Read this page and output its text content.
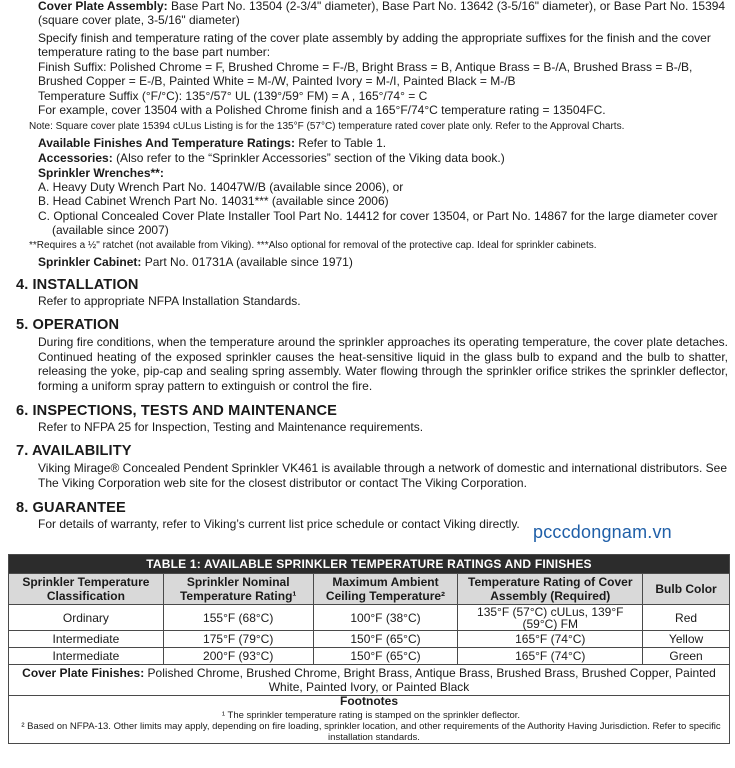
Cover Plate Assembly: Base Part No. 13504 (2-3/4" diameter), Base Part No. 13642 (3-5/16" diameter), or Base Part No. 15394 (square cover plate, 3-5/16" diameter)
Specify finish and temperature rating of the cover plate assembly by adding the appropriate suffixes for the finish and the cover temperature rating to the base part number:
Finish Suffix: Polished Chrome = F, Brushed Chrome = F-/B, Bright Brass = B, Antique Brass = B-/A, Brushed Brass = B-/B, Brushed Copper = E-/B, Painted White = M-/W, Painted Ivory = M-/I, Painted Black = M-/B
Temperature Suffix (°F/°C): 135°/57° UL (139°/59° FM) = A , 165°/74° = C
For example, cover 13504 with a Polished Chrome finish and a 165°F/74°C temperature rating = 13504FC.
Note: Square cover plate 15394 cULus Listing is for the 135°F (57°C) temperature rated cover plate only. Refer to the Approval Charts.
Available Finishes And Temperature Ratings: Refer to Table 1.
Accessories: (Also refer to the “Sprinkler Accessories” section of the Viking data book.)
Sprinkler Wrenches**:
A. Heavy Duty Wrench Part No. 14047W/B (available since 2006), or
B. Head Cabinet Wrench Part No. 14031*** (available since 2006)
C. Optional Concealed Cover Plate Installer Tool Part No. 14412 for cover 13504, or Part No. 14867 for the large diameter cover (available since 2007)
**Requires a ½" ratchet (not available from Viking). ***Also optional for removal of the protective cap. Ideal for sprinkler cabinets.
Sprinkler Cabinet: Part No. 01731A (available since 1971)
4. INSTALLATION
Refer to appropriate NFPA Installation Standards.
5. OPERATION
During fire conditions, when the temperature around the sprinkler approaches its operating temperature, the cover plate detaches. Continued heating of the exposed sprinkler causes the heat-sensitive liquid in the glass bulb to expand and the bulb to shatter, releasing the yoke, pip-cap and sealing spring assembly. Water flowing through the sprinkler orifice strikes the sprinkler deflector, forming a uniform spray pattern to extinguish or control the fire.
6. INSPECTIONS, TESTS AND MAINTENANCE
Refer to NFPA 25 for Inspection, Testing and Maintenance requirements.
7. AVAILABILITY
Viking Mirage® Concealed Pendent Sprinkler VK461 is available through a network of domestic and international distributors. See The Viking Corporation web site for the closest distributor or contact The Viking Corporation.
8. GUARANTEE
For details of warranty, refer to Viking’s current list price schedule or contact Viking directly. pcccdongnam.vn
TABLE 1: AVAILABLE SPRINKLER TEMPERATURE RATINGS AND FINISHES				
Sprinkler Temperature Classification	Sprinkler Nominal Temperature Rating¹	Maximum Ambient Ceiling Temperature²	Temperature Rating of Cover Assembly (Required)	Bulb Color
Ordinary	155°F (68°C)	100°F (38°C)	135°F (57°C) cULus, 139°F (59°C) FM	Red
Intermediate	175°F (79°C)	150°F (65°C)	165°F (74°C)	Yellow
Intermediate	200°F (93°C)	150°F (65°C)	165°F (74°C)	Green
Cover Plate Finishes: Polished Chrome, Brushed Chrome, Bright Brass, Antique Brass, Brushed Brass, Brushed Copper, Painted White, Painted Ivory, or Painted Black				

Footnotes
¹ The sprinkler temperature rating is stamped on the sprinkler deflector.
² Based on NFPA-13. Other limits may apply, depending on fire loading, sprinkler location, and other requirements of the Authority Having Jurisdiction. Refer to specific installation standards.				
